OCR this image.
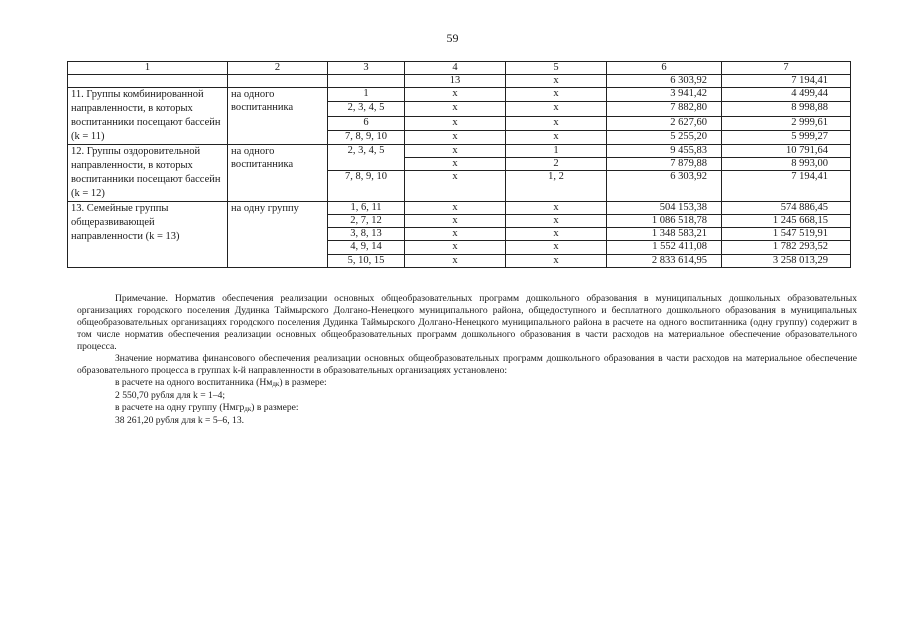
59
1	2	3	4	5	6	7
			13	x	6 303,92	7 194,41
11. Группы комбинированной направленности, в которых воспитанники посещают бассейн (k = 11)	на одного воспитанника	1	x	x	3 941,42	4 499,44
		2, 3, 4, 5	x	x	7 882,80	8 998,88
		6	x	x	2 627,60	2 999,61
		7, 8, 9, 10	x	x	5 255,20	5 999,27
12. Группы оздоровительной направленности, в которых воспитанники посещают бассейн (k = 12)	на одного воспитанника	2, 3, 4, 5	x	1	9 455,83	10 791,64
			x	2	7 879,88	8 993,00
		7, 8, 9, 10	x	1, 2	6 303,92	7 194,41
13. Семейные группы общеразвивающей направленности (k = 13)	на одну группу	1, 6, 11	x	x	504 153,38	574 886,45
		2, 7, 12	x	x	1 086 518,78	1 245 668,15
		3, 8, 13	x	x	1 348 583,21	1 547 519,91
		4, 9, 14	x	x	1 552 411,08	1 782 293,52
		5, 10, 15	x	x	2 833 614,95	3 258 013,29

Примечание. Норматив обеспечения реализации основных общеобразовательных программ дошкольного образования в муниципальных дошкольных образовательных организациях городского поселения Дудинка Таймырского Долгано-Ненецкого муниципального района, общедоступного и бесплатного дошкольного образования в муниципальных общеобразовательных организациях городского поселения Дудинка Таймырского Долгано-Ненецкого муниципального района в расчете на одного воспитанника (одну группу) содержит в том числе норматив обеспечения реализации основных общеобразовательных программ дошкольного образования в части расходов на материальное обеспечение образовательного процесса.

Значение норматива финансового обеспечения реализации основных общеобразовательных программ дошкольного образования в части расходов на материальное обеспечение образовательного процесса в группах k-й направленности в образовательных организациях установлено:

в расчете на одного воспитанника $(Нм_{дк})$ в размере:

2 550,70 рубля для k = 1–4;

в расчете на одну группу (Нмгр$_{дк}$) в размере:

38 261,20 рубля для k = 5–6, 13.
